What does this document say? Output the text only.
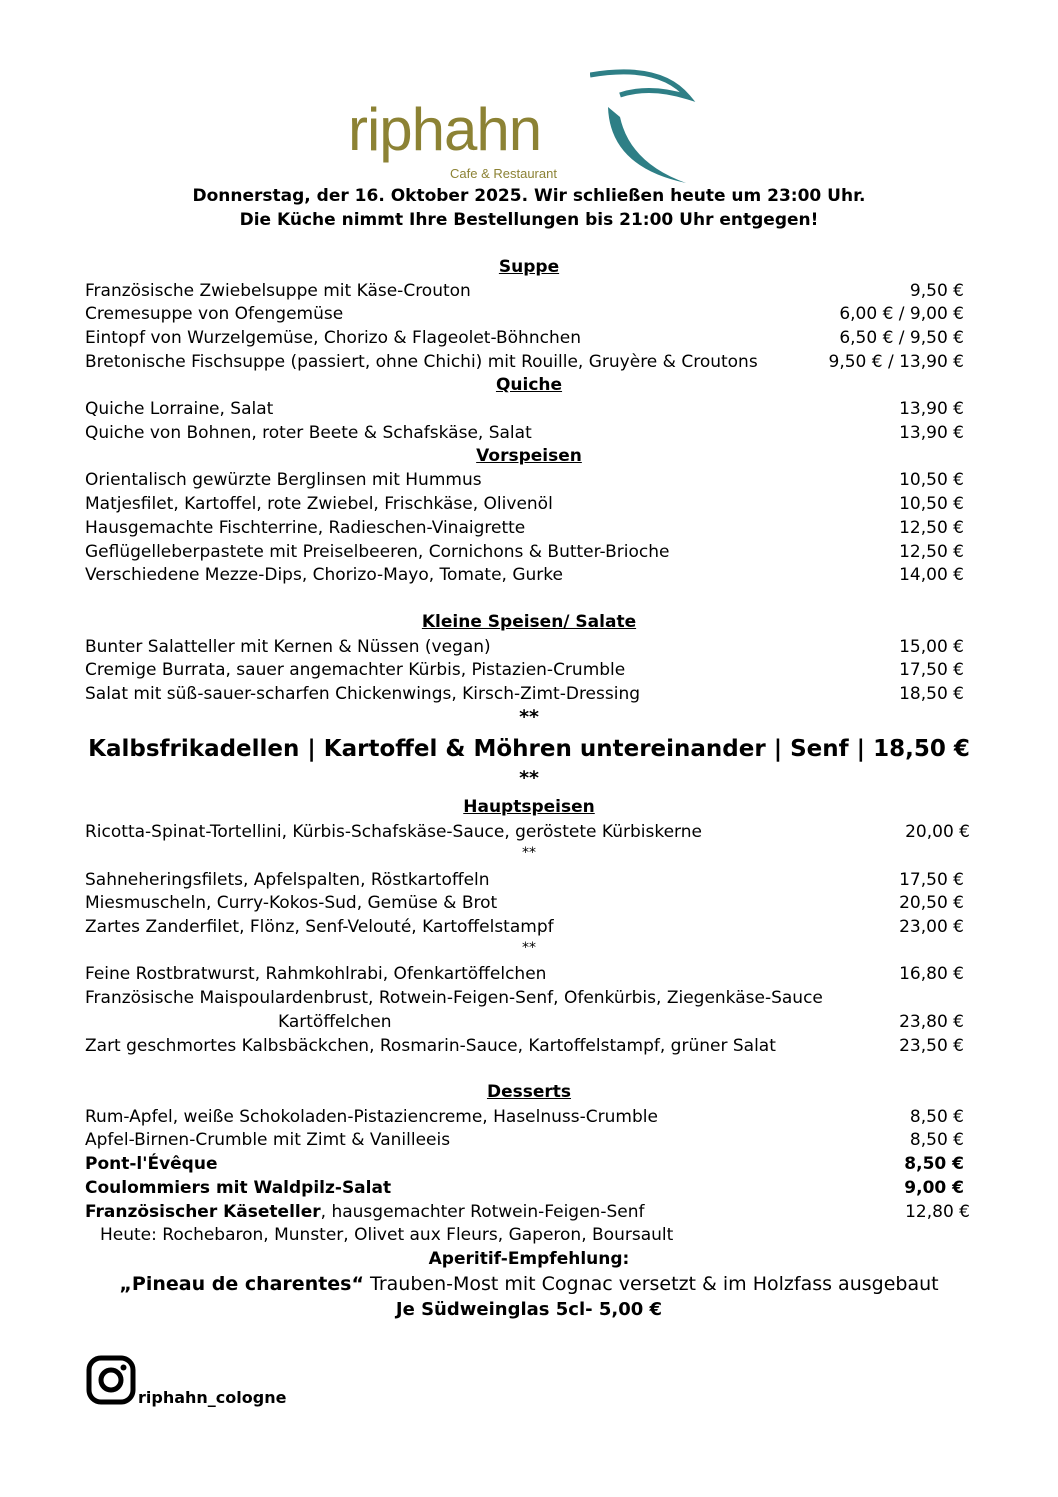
riphahn
Cafe & Restaurant
Donnerstag, der 16. Oktober 2025. Wir schließen heute um 23:00 Uhr.
Die Küche nimmt Ihre Bestellungen bis 21:00 Uhr entgegen!
Suppe
Französische Zwiebelsuppe mit Käse-Crouton	9,50 €
Cremesuppe von Ofengemüse	6,00 € / 9,00 €
Eintopf von Wurzelgemüse, Chorizo & Flageolet-Böhnchen	6,50 € / 9,50 €
Bretonische Fischsuppe (passiert, ohne Chichi) mit Rouille, Gruyère & Croutons	9,50 € / 13,90 €
Quiche
Quiche Lorraine, Salat	13,90 €
Quiche von Bohnen, roter Beete & Schafskäse, Salat	13,90 €
Vorspeisen
Orientalisch gewürzte Berglinsen mit Hummus	10,50 €
Matjesfilet, Kartoffel, rote Zwiebel, Frischkäse, Olivenöl	10,50 €
Hausgemachte Fischterrine, Radieschen-Vinaigrette	12,50 €
Geflügelleberpastete mit Preiselbeeren, Cornichons & Butter-Brioche	12,50 €
Verschiedene Mezze-Dips, Chorizo-Mayo, Tomate, Gurke	14,00 €
Kleine Speisen/ Salate
Bunter Salatteller mit Kernen & Nüssen (vegan)	15,00 €
Cremige Burrata, sauer angemachter Kürbis, Pistazien-Crumble	17,50 €
Salat mit süß-sauer-scharfen Chickenwings, Kirsch-Zimt-Dressing	18,50 €
**
Kalbsfrikadellen | Kartoffel & Möhren untereinander | Senf | 18,50 €
**
Hauptspeisen
Ricotta-Spinat-Tortellini, Kürbis-Schafskäse-Sauce, geröstete Kürbiskerne	20,00 €
**
Sahneheringsfilets, Apfelspalten, Röstkartoffeln	17,50 €
Miesmuscheln, Curry-Kokos-Sud, Gemüse & Brot	20,50 €
Zartes Zanderfilet, Flönz, Senf-Velouté, Kartoffelstampf	23,00 €
**
Feine Rostbratwurst, Rahmkohlrabi, Ofenkartöffelchen	16,80 €
Französische Maispoulardenbrust, Rotwein-Feigen-Senf, Ofenkürbis, Ziegenkäse-Sauce
Kartöffelchen	23,80 €
Zart geschmortes Kalbsbäckchen, Rosmarin-Sauce, Kartoffelstampf, grüner Salat	23,50 €
Desserts
Rum-Apfel, weiße Schokoladen-Pistaziencreme, Haselnuss-Crumble	8,50 €
Apfel-Birnen-Crumble mit Zimt & Vanilleeis	8,50 €
Pont-l'Évêque	8,50 €
Coulommiers mit Waldpilz-Salat	9,00 €
Französischer Käseteller, hausgemachter Rotwein-Feigen-Senf	12,80 €
Heute: Rochebaron, Munster, Olivet aux Fleurs, Gaperon, Boursault
Aperitif-Empfehlung:
„Pineau de charentes“ Trauben-Most mit Cognac versetzt & im Holzfass ausgebaut
Je Südweinglas 5cl- 5,00 €
riphahn_cologne
